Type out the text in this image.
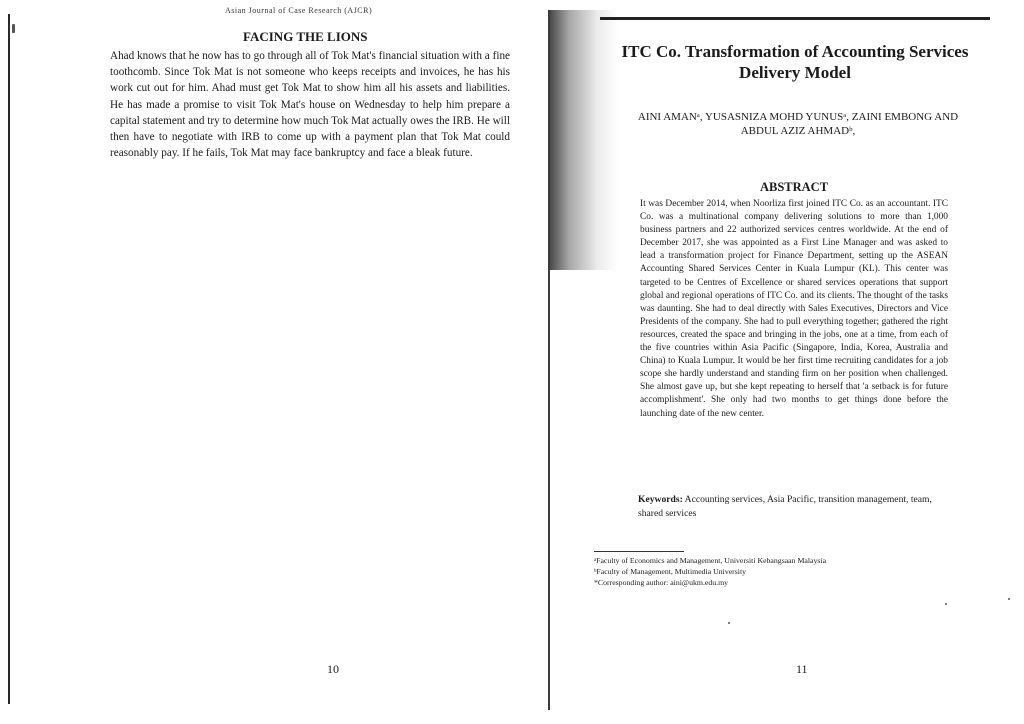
Asian Journal of Case Research (AJCR)
FACING THE LIONS
Ahad knows that he now has to go through all of Tok Mat's financial situation with a fine toothcomb. Since Tok Mat is not someone who keeps receipts and invoices, he has his work cut out for him. Ahad must get Tok Mat to show him all his assets and liabilities. He has made a promise to visit Tok Mat's house on Wednesday to help him prepare a capital statement and try to determine how much Tok Mat actually owes the IRB. He will then have to negotiate with IRB to come up with a payment plan that Tok Mat could reasonably pay. If he fails, Tok Mat may face bankruptcy and face a bleak future.
10
ITC Co. Transformation of Accounting Services
Delivery Model
AINI AMANᵃ, YUSASNIZA MOHD YUNUSᵃ, ZAINI EMBONG AND
ABDUL AZIZ AHMADᵇ,
ABSTRACT
It was December 2014, when Noorliza first joined ITC Co. as an accountant. ITC Co. was a multinational company delivering solutions to more than 1,000 business partners and 22 authorized services centres worldwide. At the end of December 2017, she was appointed as a First Line Manager and was asked to lead a transformation project for Finance Department, setting up the ASEAN Accounting Shared Services Center in Kuala Lumpur (KL). This center was targeted to be Centres of Excellence or shared services operations that support global and regional operations of ITC Co. and its clients. The thought of the tasks was daunting. She had to deal directly with Sales Executives, Directors and Vice Presidents of the company. She had to pull everything together; gathered the right resources, created the space and bringing in the jobs, one at a time, from each of the five countries within Asia Pacific (Singapore, India, Korea, Australia and China) to Kuala Lumpur. It would be her first time recruiting candidates for a job scope she hardly understand and standing firm on her position when challenged. She almost gave up, but she kept repeating to herself that 'a setback is for future accomplishment'. She only had two months to get things done before the launching date of the new center.
Keywords: Accounting services, Asia Pacific, transition management, team, shared services
ᵃFaculty of Economics and Management, Universiti Kebangsaan Malaysia
ᵇFaculty of Management, Multimedia University
*Corresponding author: aini@ukm.edu.my
11
